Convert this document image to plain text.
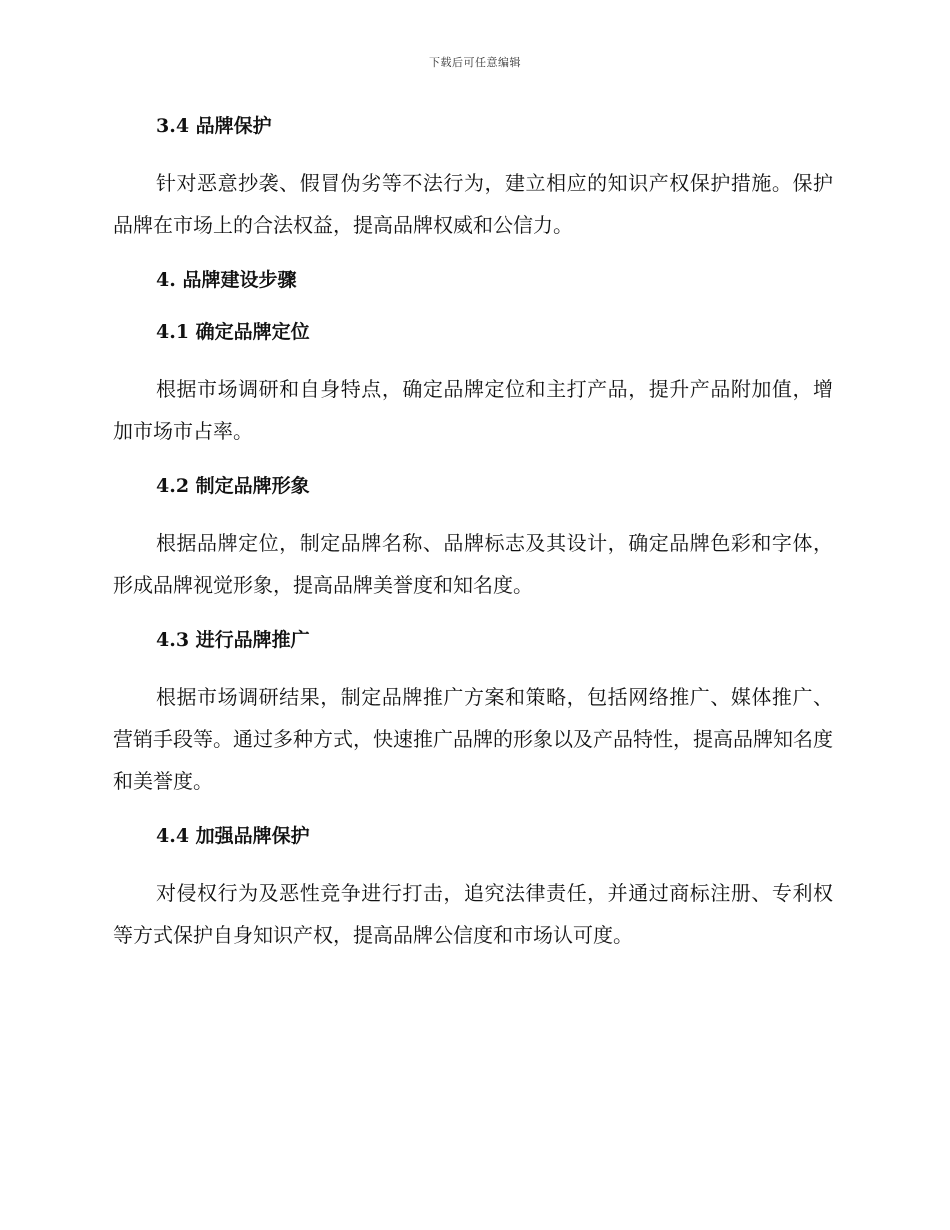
下载后可任意编辑

3.4 品牌保护

针对恶意抄袭、假冒伪劣等不法行为，建立相应的知识产权保护措施。保护品牌在市场上的合法权益，提高品牌权威和公信力。

4. 品牌建设步骤

4.1 确定品牌定位

根据市场调研和自身特点，确定品牌定位和主打产品，提升产品附加值，增加市场市占率。

4.2 制定品牌形象

根据品牌定位，制定品牌名称、品牌标志及其设计，确定品牌色彩和字体，形成品牌视觉形象，提高品牌美誉度和知名度。

4.3 进行品牌推广

根据市场调研结果，制定品牌推广方案和策略，包括网络推广、媒体推广、营销手段等。通过多种方式，快速推广品牌的形象以及产品特性，提高品牌知名度和美誉度。

4.4 加强品牌保护

对侵权行为及恶性竞争进行打击，追究法律责任，并通过商标注册、专利权等方式保护自身知识产权，提高品牌公信度和市场认可度。
